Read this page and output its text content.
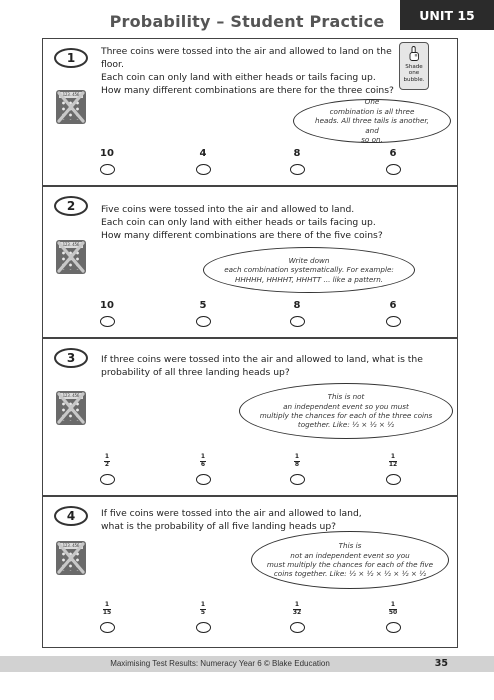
Probability – Student Practice	UNIT 15
1	Three coins were tossed into the air and allowed to land on the floor.
Each coin can only land with either heads or tails facing up.
How many different combinations are there for the three coins?
Shade one bubble.
123.456
One
combination is all three
heads. All three tails is another, and
so on.
10	4	8	6
2	Five coins were tossed into the air and allowed to land.
Each coin can only land with either heads or tails facing up.
How many different combinations are there of the five coins?
123.456
Write down
each combination systematically. For example:
HHHHH, HHHHT, HHHTT ... like a pattern.
10	5	8	6
3	If three coins were tossed into the air and allowed to land, what is the
probability of all three landing heads up?
123.456	This is not
an independent event so you must
multiply the chances for each of the three coins
together. Like: ½ × ½ × ½
$\frac{1}{2}$	$\frac{1}{6}$	$\frac{1}{8}$	$\frac{1}{12}$
4	If five coins were tossed into the air and allowed to land,
what is the probability of all five landing heads up?
123.456	This is
not an independent event so you
must multiply the chances for each of the five
coins together. Like: ½ × ½ × ½ × ½ × ½
$\frac{1}{15}$	$\frac{1}{5}$	$\frac{1}{32}$	$\frac{1}{50}$
Maximising Test Results: Numeracy Year 6 © Blake Education	35
